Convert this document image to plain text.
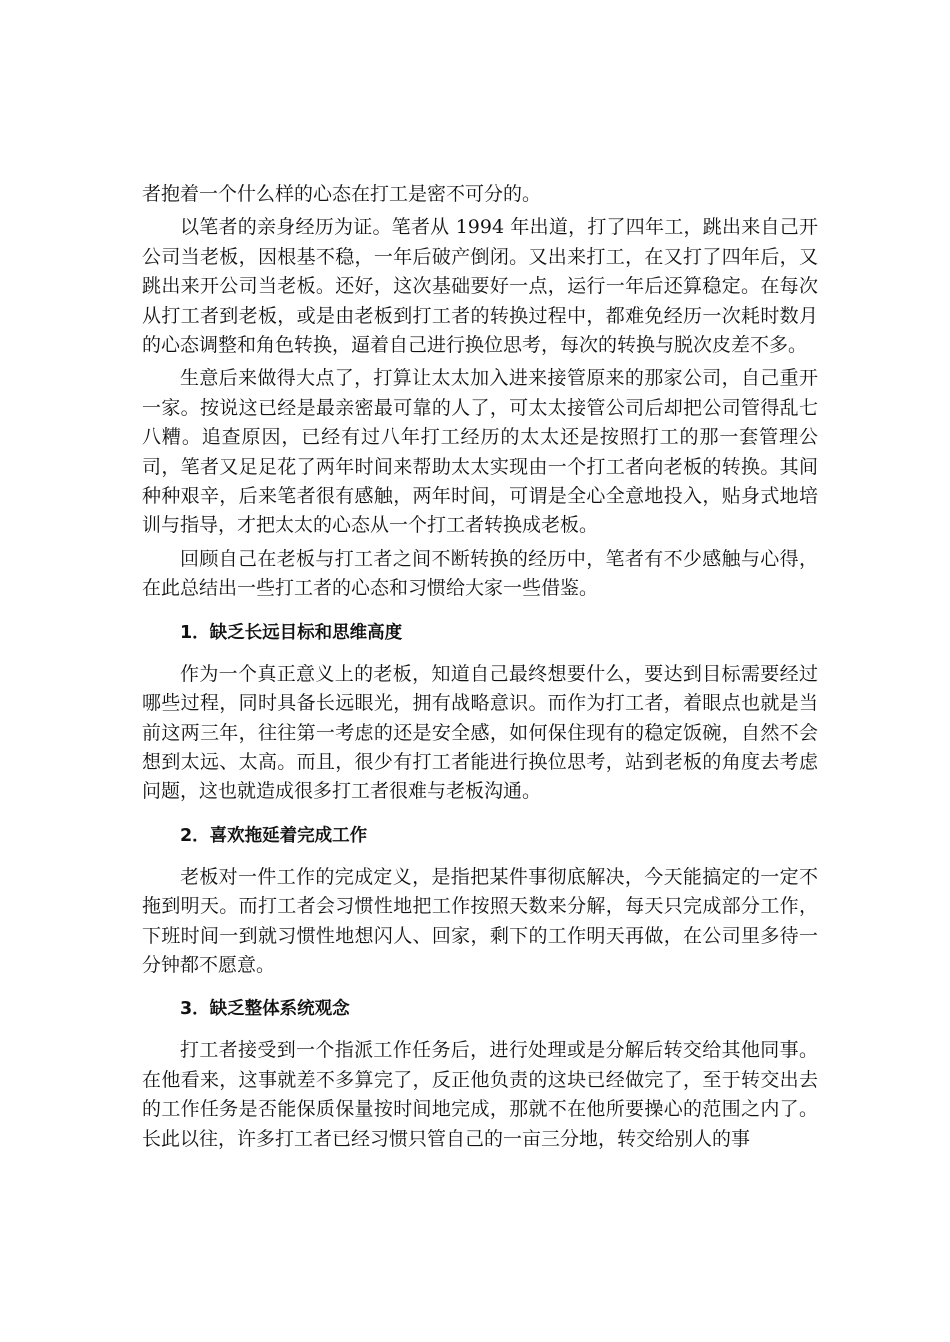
者抱着一个什么样的心态在打工是密不可分的。

以笔者的亲身经历为证。笔者从 1994 年出道，打了四年工，跳出来自己开公司当老板，因根基不稳，一年后破产倒闭。又出来打工，在又打了四年后，又跳出来开公司当老板。还好，这次基础要好一点，运行一年后还算稳定。在每次从打工者到老板，或是由老板到打工者的转换过程中，都难免经历一次耗时数月的心态调整和角色转换，逼着自己进行换位思考，每次的转换与脱次皮差不多。

生意后来做得大点了，打算让太太加入进来接管原来的那家公司，自己重开一家。按说这已经是最亲密最可靠的人了，可太太接管公司后却把公司管得乱七八糟。追查原因，已经有过八年打工经历的太太还是按照打工的那一套管理公司，笔者又足足花了两年时间来帮助太太实现由一个打工者向老板的转换。其间种种艰辛，后来笔者很有感触，两年时间，可谓是全心全意地投入，贴身式地培训与指导，才把太太的心态从一个打工者转换成老板。

回顾自己在老板与打工者之间不断转换的经历中，笔者有不少感触与心得，在此总结出一些打工者的心态和习惯给大家一些借鉴。

1．缺乏长远目标和思维高度

作为一个真正意义上的老板，知道自己最终想要什么，要达到目标需要经过哪些过程，同时具备长远眼光，拥有战略意识。而作为打工者，着眼点也就是当前这两三年，往往第一考虑的还是安全感，如何保住现有的稳定饭碗，自然不会想到太远、太高。而且，很少有打工者能进行换位思考，站到老板的角度去考虑问题，这也就造成很多打工者很难与老板沟通。

2．喜欢拖延着完成工作

老板对一件工作的完成定义，是指把某件事彻底解决，今天能搞定的一定不拖到明天。而打工者会习惯性地把工作按照天数来分解，每天只完成部分工作，下班时间一到就习惯性地想闪人、回家，剩下的工作明天再做，在公司里多待一分钟都不愿意。

3．缺乏整体系统观念

打工者接受到一个指派工作任务后，进行处理或是分解后转交给其他同事。在他看来，这事就差不多算完了，反正他负责的这块已经做完了，至于转交出去的工作任务是否能保质保量按时间地完成，那就不在他所要操心的范围之内了。长此以往，许多打工者已经习惯只管自己的一亩三分地，转交给别人的事
